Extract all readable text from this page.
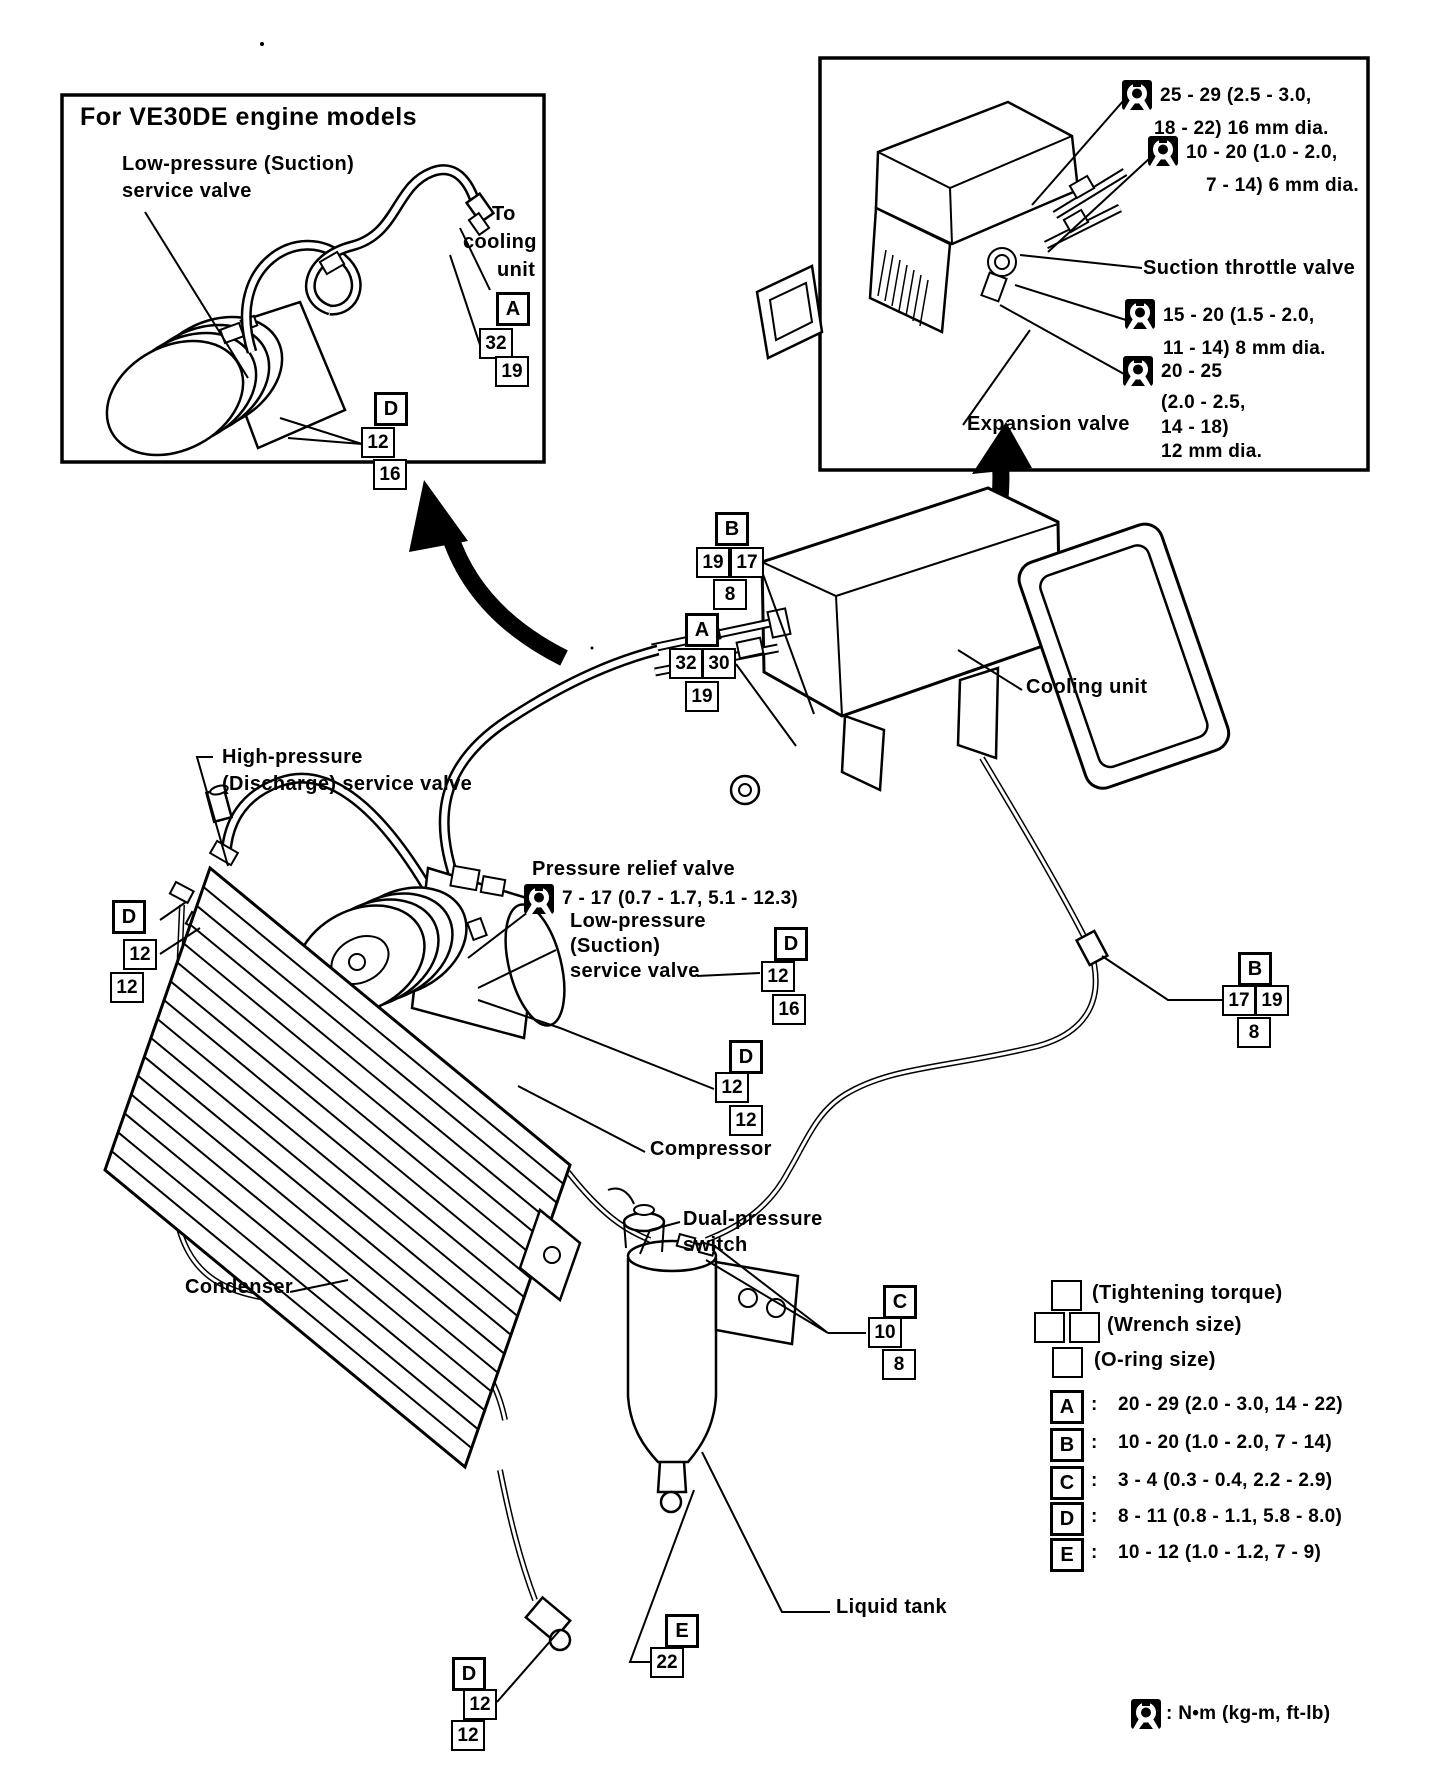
For VE30DE engine models
Low-pressure (Suction)
service valve
To
cooling
unit
A
32
19
D
12
16
25 - 29 (2.5 - 3.0,
18 - 22) 16 mm dia.
10 - 20 (1.0 - 2.0,
7 - 14) 6 mm dia.
Suction throttle valve
15 - 20 (1.5 - 2.0,
11 - 14) 8 mm dia.
20 - 25
(2.0 - 2.5,
14 - 18)
12 mm dia.
Expansion valve
High-pressure
(Discharge) service valve
Cooling unit
Pressure relief valve
7 - 17 (0.7 - 1.7, 5.1 - 12.3)
Low-pressure
(Suction)
service valve
Compressor
Dual-pressure
switch
Condenser
Liquid tank
B
19 17
8
A
32 30
19
D
12
12
D
12
16
D
12
12
B
17 19
8
C
10
8
E
22
D
12
12
(Tightening torque)
(Wrench size)
(O-ring size)
A : 20 - 29 (2.0 - 3.0, 14 - 22)
B : 10 - 20 (1.0 - 2.0, 7 - 14)
C : 3 - 4 (0.3 - 0.4, 2.2 - 2.9)
D : 8 - 11 (0.8 - 1.1, 5.8 - 8.0)
E : 10 - 12 (1.0 - 1.2, 7 - 9)
: N•m (kg-m, ft-lb)
